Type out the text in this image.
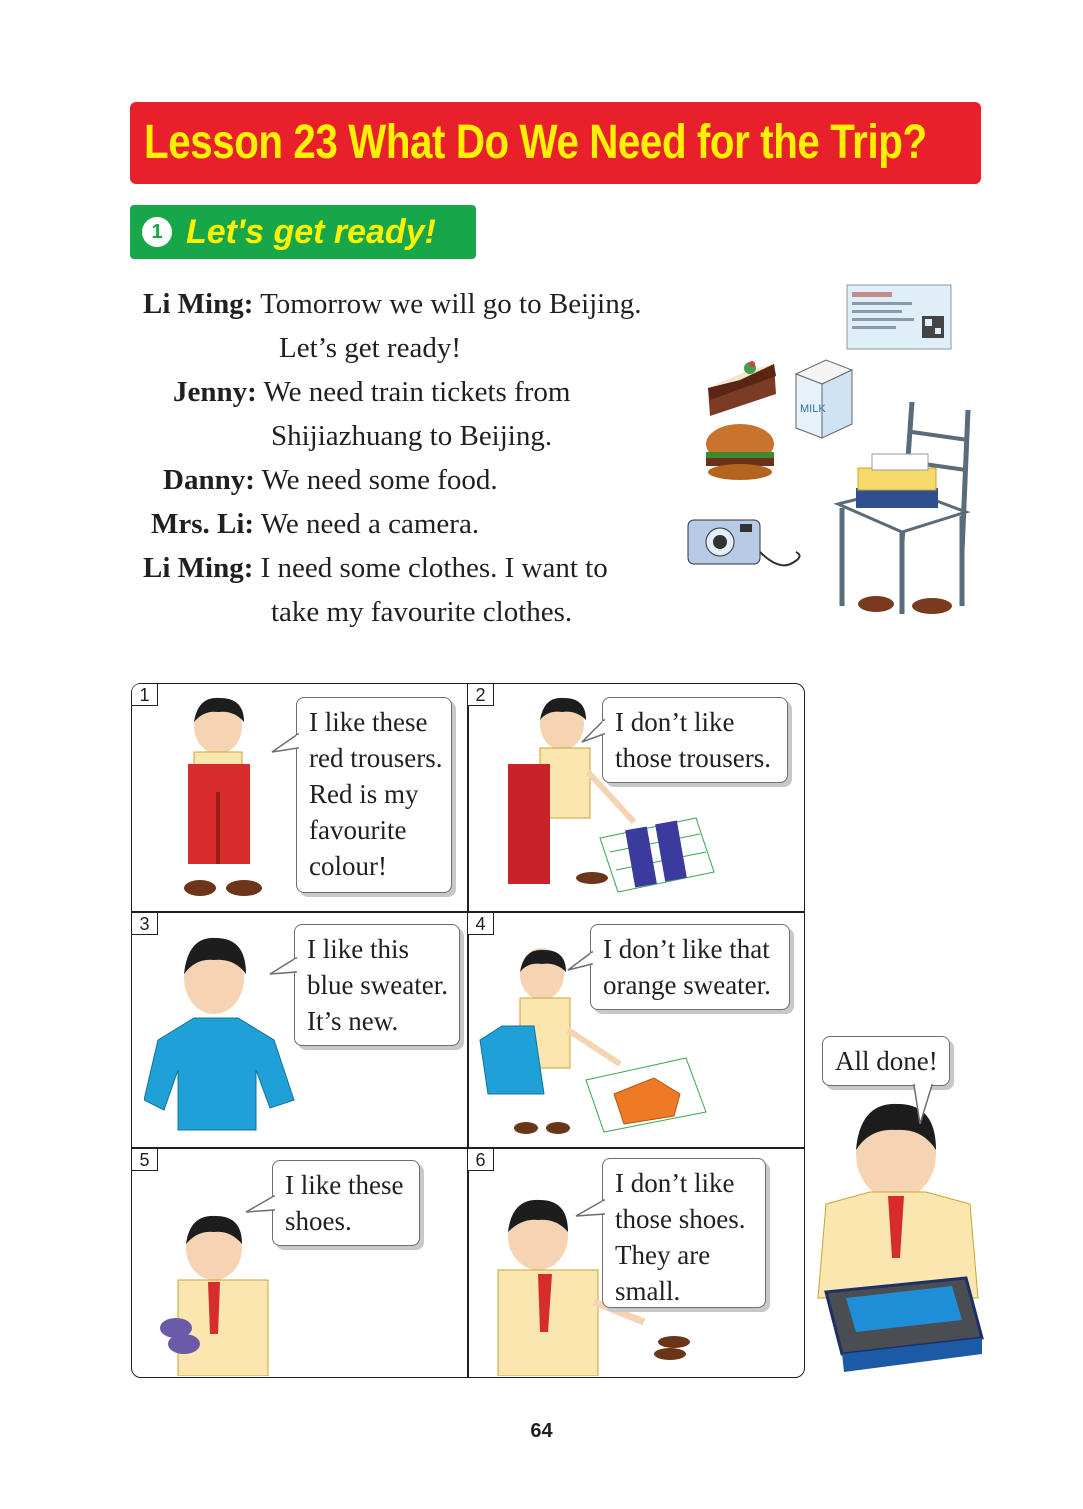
Lesson 23 What Do We Need for the Trip?
1 Let's get ready!
Li Ming: Tomorrow we will go to Beijing.
Let’s get ready!
Jenny: We need train tickets from
Shijiazhuang to Beijing.
Danny: We need some food.
Mrs. Li: We need a camera.
Li Ming: I need some clothes. I want to
take my favourite clothes.
MILK
1	2
3	4
5	6
I like these
red trousers.
Red is my
favourite
colour!
I don’t like
those trousers.
I like this
blue sweater.
It’s new.
I don’t like that
orange sweater.
I like these
shoes.
I don’t like
those shoes.
They are
small.
All done!
64
